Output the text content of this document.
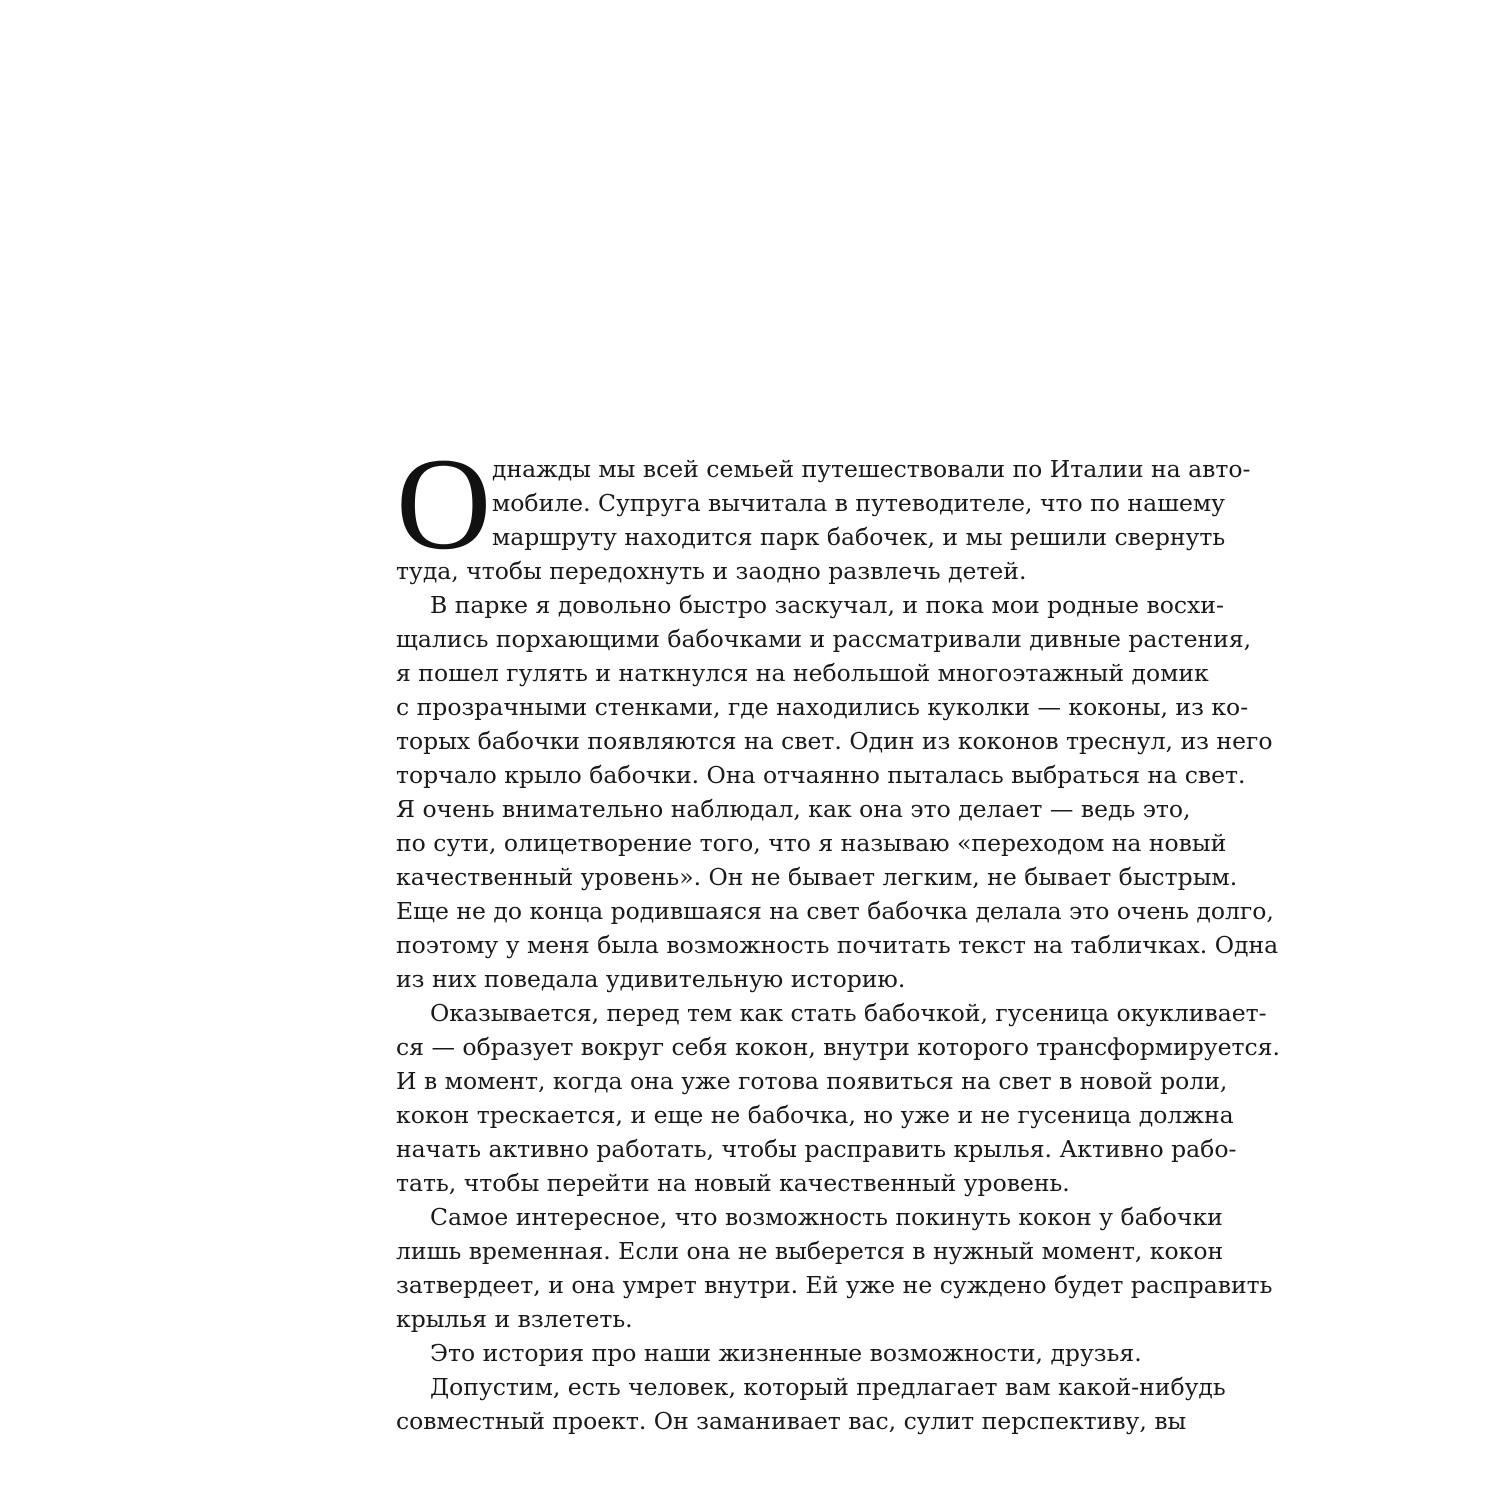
О днажды мы всей семьей путешествовали по Италии на авто-
мобиле. Супруга вычитала в путеводителе, что по нашему
маршруту находится парк бабочек, и мы решили свернуть
туда, чтобы передохнуть и заодно развлечь детей.
В парке я довольно быстро заскучал, и пока мои родные восхи-
щались порхающими бабочками и рассматривали дивные растения,
я пошел гулять и наткнулся на небольшой многоэтажный домик
с прозрачными стенками, где находились куколки — коконы, из ко-
торых бабочки появляются на свет. Один из коконов треснул, из него
торчало крыло бабочки. Она отчаянно пыталась выбраться на свет.
Я очень внимательно наблюдал, как она это делает — ведь это,
по сути, олицетворение того, что я называю «переходом на новый
качественный уровень». Он не бывает легким, не бывает быстрым.
Еще не до конца родившаяся на свет бабочка делала это очень долго,
поэтому у меня была возможность почитать текст на табличках. Одна
из них поведала удивительную историю.
Оказывается, перед тем как стать бабочкой, гусеница окукливает-
ся — образует вокруг себя кокон, внутри которого трансформируется.
И в момент, когда она уже готова появиться на свет в новой роли,
кокон трескается, и еще не бабочка, но уже и не гусеница должна
начать активно работать, чтобы расправить крылья. Активно рабо-
тать, чтобы перейти на новый качественный уровень.
Самое интересное, что возможность покинуть кокон у бабочки
лишь временная. Если она не выберется в нужный момент, кокон
затвердеет, и она умрет внутри. Ей уже не суждено будет расправить
крылья и взлететь.
Это история про наши жизненные возможности, друзья.
Допустим, есть человек, который предлагает вам какой-нибудь
совместный проект. Он заманивает вас, сулит перспективу, вы
